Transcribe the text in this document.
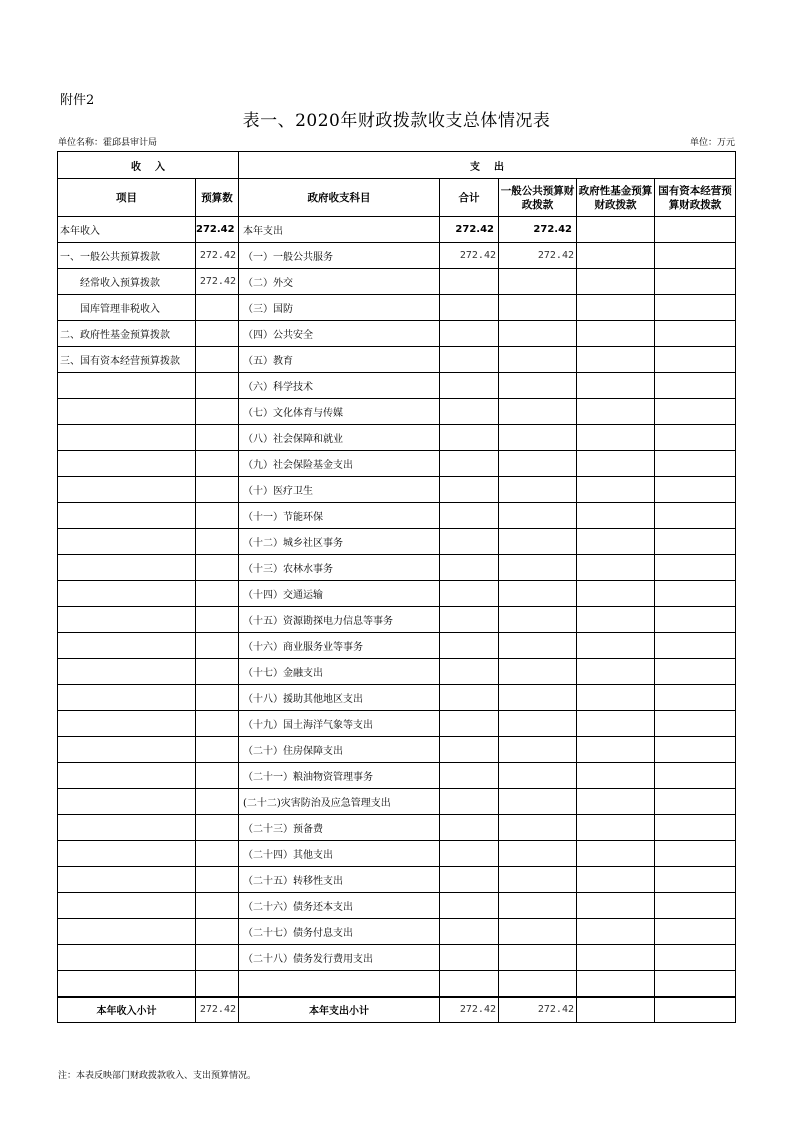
附件2
表一、2020年财政拨款收支总体情况表
单位名称：霍邱县审计局	单位：万元
收    入		支    出				
项目	预算数	政府收支科目	合计	一般公共预算财政拨款	政府性基金预算财政拨款	国有资本经营预算财政拨款
本年收入	272.42	本年支出	272.42	272.42		
一、一般公共预算拨款	272.42	（一）一般公共服务	272.42	272.42		
经常收入预算拨款	272.42	（二）外交				
国库管理非税收入		（三）国防				
二、政府性基金预算拨款		（四）公共安全				
三、国有资本经营预算拨款		（五）教育				
		（六）科学技术				
		（七）文化体育与传媒				
		（八）社会保障和就业				
		（九）社会保险基金支出				
		（十）医疗卫生				
		（十一）节能环保				
		（十二）城乡社区事务				
		（十三）农林水事务				
		（十四）交通运输				
		（十五）资源勘探电力信息等事务				
		（十六）商业服务业等事务				
		（十七）金融支出				
		（十八）援助其他地区支出				
		（十九）国土海洋气象等支出				
		（二十）住房保障支出				
		（二十一）粮油物资管理事务				
		(二十二)灾害防治及应急管理支出				
		（二十三）预备费				
		（二十四）其他支出				
		（二十五）转移性支出				
		（二十六）债务还本支出				
		（二十七）债务付息支出				
		（二十八）债务发行费用支出				

本年收入小计	272.42	本年支出小计	272.42	272.42		
注：本表反映部门财政拨款收入、支出预算情况。
